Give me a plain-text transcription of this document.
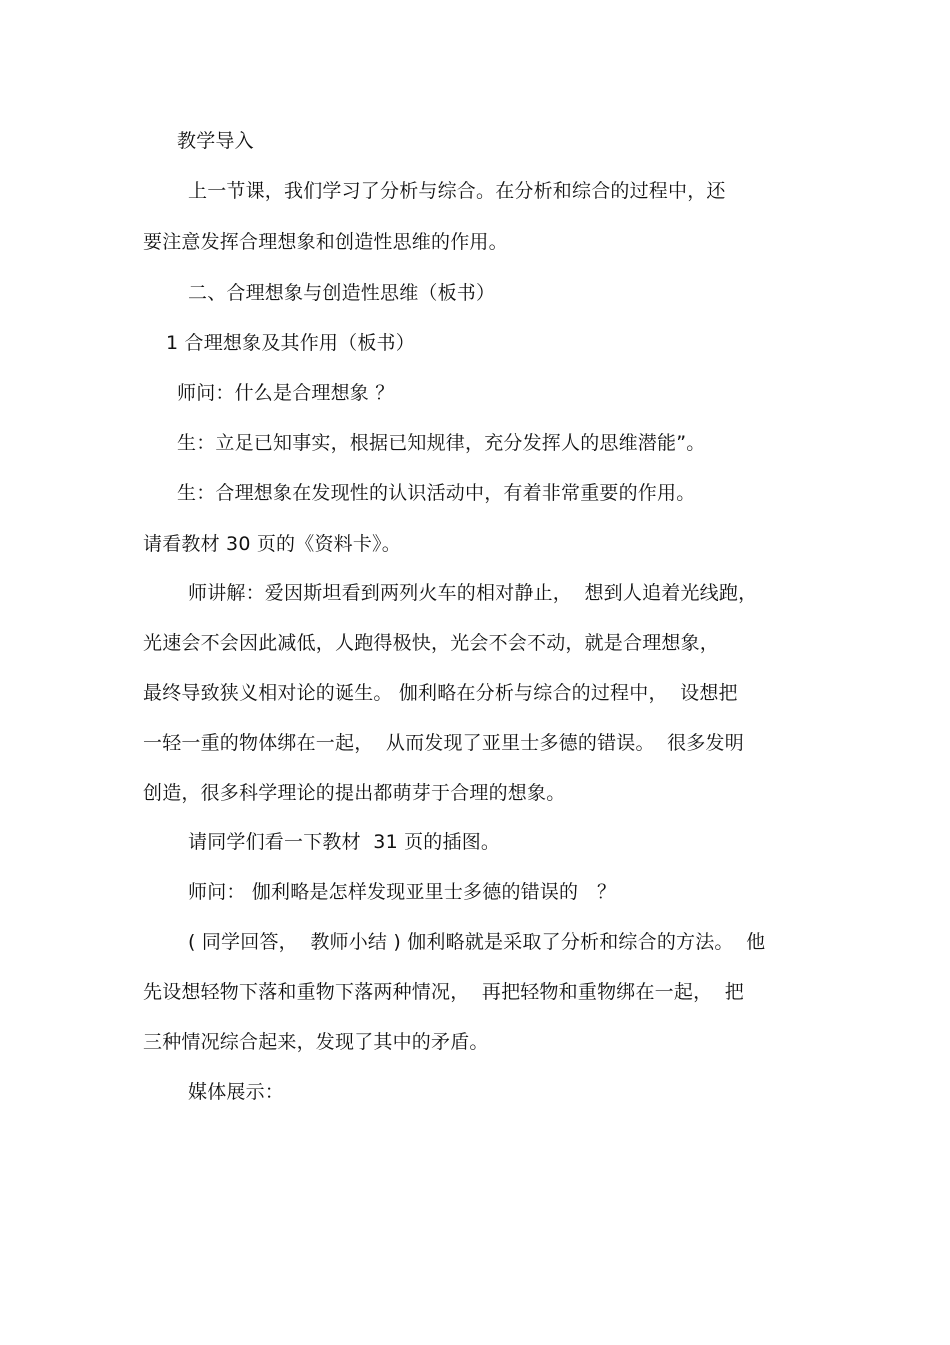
教学导入
上一节课，我们学习了分析与综合。在分析和综合的过程中，还
要注意发挥合理想象和创造性思维的作用。
二、合理想象与创造性思维（板书）
1 合理想象及其作用（板书）
师问：什么是合理想象 ？
生：立足已知事实，根据已知规律，充分发挥人的思维潜能”。
生：合理想象在发现性的认识活动中，有着非常重要的作用。
请看教材 30 页的《资料卡》。
师讲解：爱因斯坦看到两列火车的相对静止，  想到人追着光线跑，
光速会不会因此减低，人跑得极快，光会不会不动，就是合理想象，
最终导致狭义相对论的诞生。 伽利略在分析与综合的过程中，  设想把
一轻一重的物体绑在一起，  从而发现了亚里士多德的错误。  很多发明
创造，很多科学理论的提出都萌芽于合理的想象。
请同学们看一下教材  31 页的插图。
师问： 伽利略是怎样发现亚里士多德的错误的   ？
( 同学回答，  教师小结 ) 伽利略就是采取了分析和综合的方法。  他
先设想轻物下落和重物下落两种情况，  再把轻物和重物绑在一起，  把
三种情况综合起来，发现了其中的矛盾。
媒体展示：
